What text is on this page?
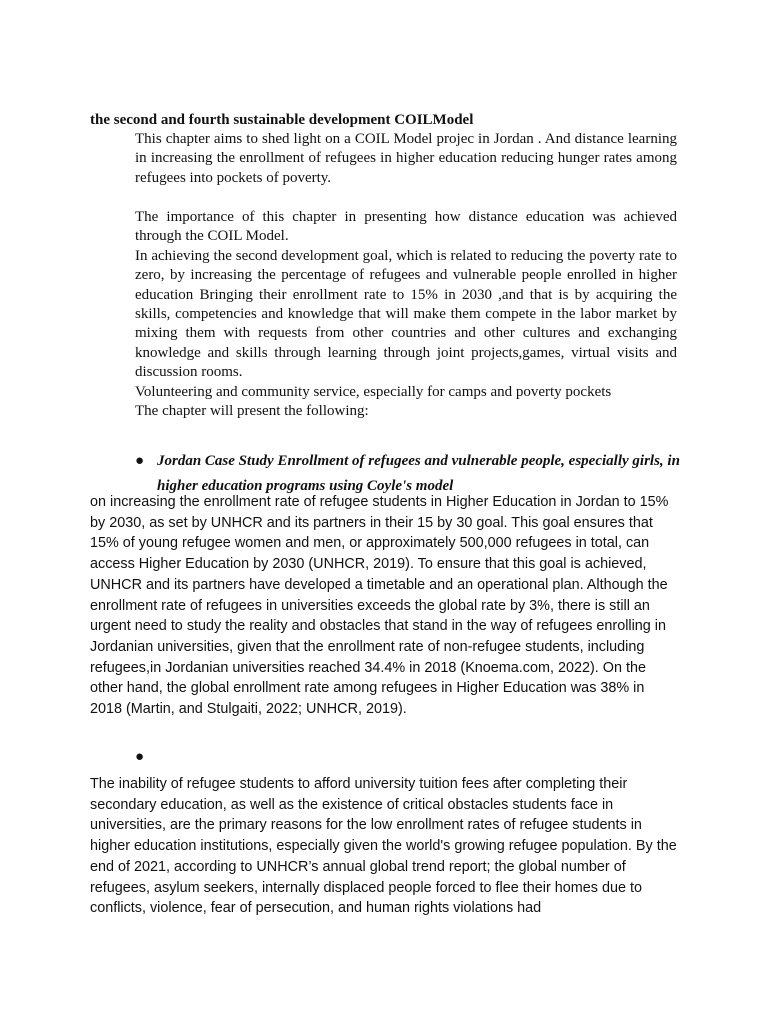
the second and fourth sustainable development COILModel

This chapter aims to shed light on a COIL Model projec in Jordan . And distance learning in increasing the enrollment of refugees in higher education reducing hunger rates among refugees into pockets of poverty.

The importance of this chapter in presenting how distance education was achieved through the COIL Model.

In achieving the second development goal, which is related to reducing the poverty rate to zero, by increasing the percentage of refugees and vulnerable people enrolled in higher education Bringing their enrollment rate to 15% in 2030 ,and that is by acquiring the skills, competencies and knowledge that will make them compete in the labor market by mixing them with requests from other countries and other cultures and exchanging knowledge and skills through learning through joint projects,games, virtual visits and discussion rooms.

Volunteering and community service, especially for camps and poverty pockets

The chapter will present the following:

● Jordan Case Study Enrollment of refugees and vulnerable people, especially girls, in higher education programs using Coyle's model

on increasing the enrollment rate of refugee students in Higher Education in Jordan to 15% by 2030, as set by UNHCR and its partners in their 15 by 30 goal. This goal ensures that 15% of young refugee women and men, or approximately 500,000 refugees in total, can access Higher Education by 2030 (UNHCR, 2019). To ensure that this goal is achieved, UNHCR and its partners have developed a timetable and an operational plan. Although the enrollment rate of refugees in universities exceeds the global rate by 3%, there is still an urgent need to study the reality and obstacles that stand in the way of refugees enrolling in Jordanian universities, given that the enrollment rate of non-refugee students, including refugees,in Jordanian universities reached 34.4% in 2018 (Knoema.com, 2022). On the other hand, the global enrollment rate among refugees in Higher Education was 38% in 2018 (Martin, and Stulgaiti, 2022; UNHCR, 2019).

●

The inability of refugee students to afford university tuition fees after completing their secondary education, as well as the existence of critical obstacles students face in universities, are the primary reasons for the low enrollment rates of refugee students in higher education institutions, especially given the world's growing refugee population. By the end of 2021, according to UNHCR’s annual global trend report; the global number of refugees, asylum seekers, internally displaced people forced to flee their homes due to conflicts, violence, fear of persecution, and human rights violations had
